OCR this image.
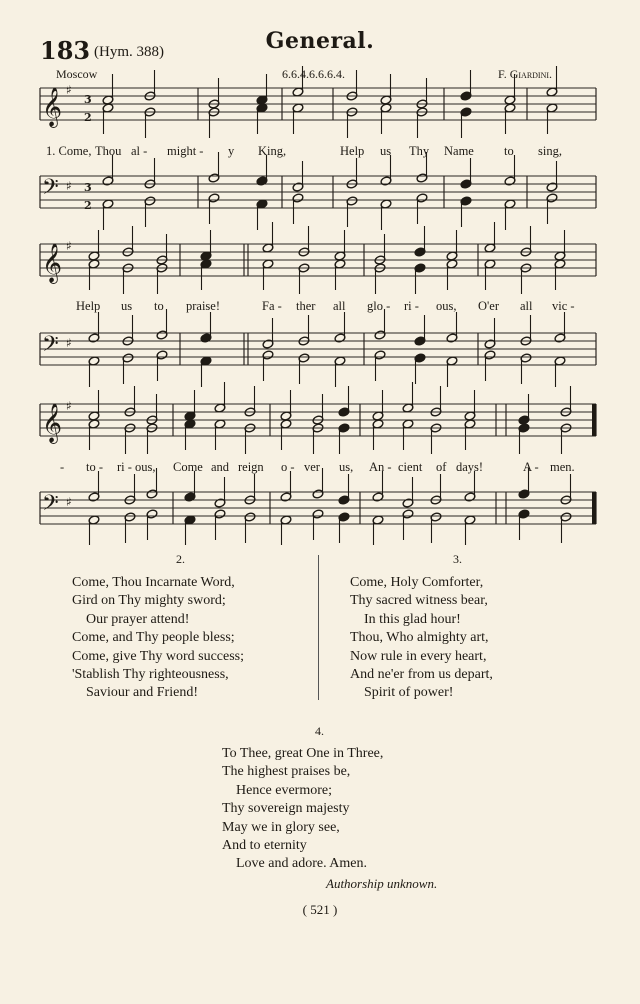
183 (Hym. 388)	General.
Moscow	6.6.4.6.6.6.4.	F. Giardini.
𝄞 ♯
𝄢 ♯
𝄞 ♯
𝄢 ♯
𝄞 ♯
𝄢 ♯
3
2
3
2
1. Come, Thou al - might - y King,	Help us Thy Name to sing,
Help us to praise!	Fa - ther all glo - ri - ous, O'er all vic -
- to - ri - ous, Come and reign o - ver us, An - cient of days!	A - men.
2.
Come, Thou Incarnate Word,
Gird on Thy mighty sword;
Our prayer attend!
Come, and Thy people bless;
Come, give Thy word success;
'Stablish Thy righteousness,
Saviour and Friend!
3.
Come, Holy Comforter,
Thy sacred witness bear,
In this glad hour!
Thou, Who almighty art,
Now rule in every heart,
And ne'er from us depart,
Spirit of power!
4.
To Thee, great One in Three,
The highest praises be,
Hence evermore;
Thy sovereign majesty
May we in glory see,
And to eternity
Love and adore. Amen.
Authorship unknown.
( 521 )
